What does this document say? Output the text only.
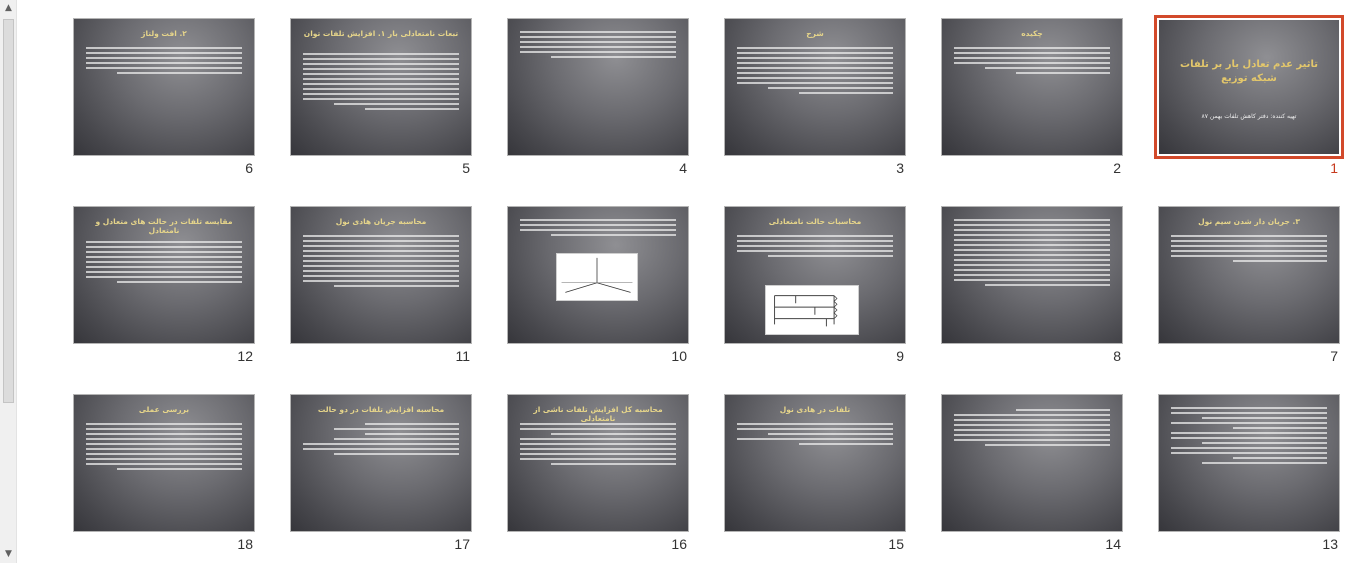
▲
▼
تاثیر عدم تعادل بار بر تلفات شبکه توزیع
تهیه کننده: دفتر کاهش تلفات بهمن ۸۷
1
چکیده
2
شرح
3
4
تبعات نامتعادلی بار ۱. افزایش تلفات توان
5
۲. افت ولتاژ
6
۳. جریان دار شدن سیم نول
7
8
محاسبات حالت نامتعادلی
9
10
محاسبه جریان هادی نول
11
مقایسه تلفات در حالت های متعادل و نامتعادل
12
13
14
تلفات در هادی نول
15
محاسبه کل افزایش تلفات ناشی از نامتعادلی
16
محاسبه افزایش تلفات در دو حالت
17
بررسی عملی
18
